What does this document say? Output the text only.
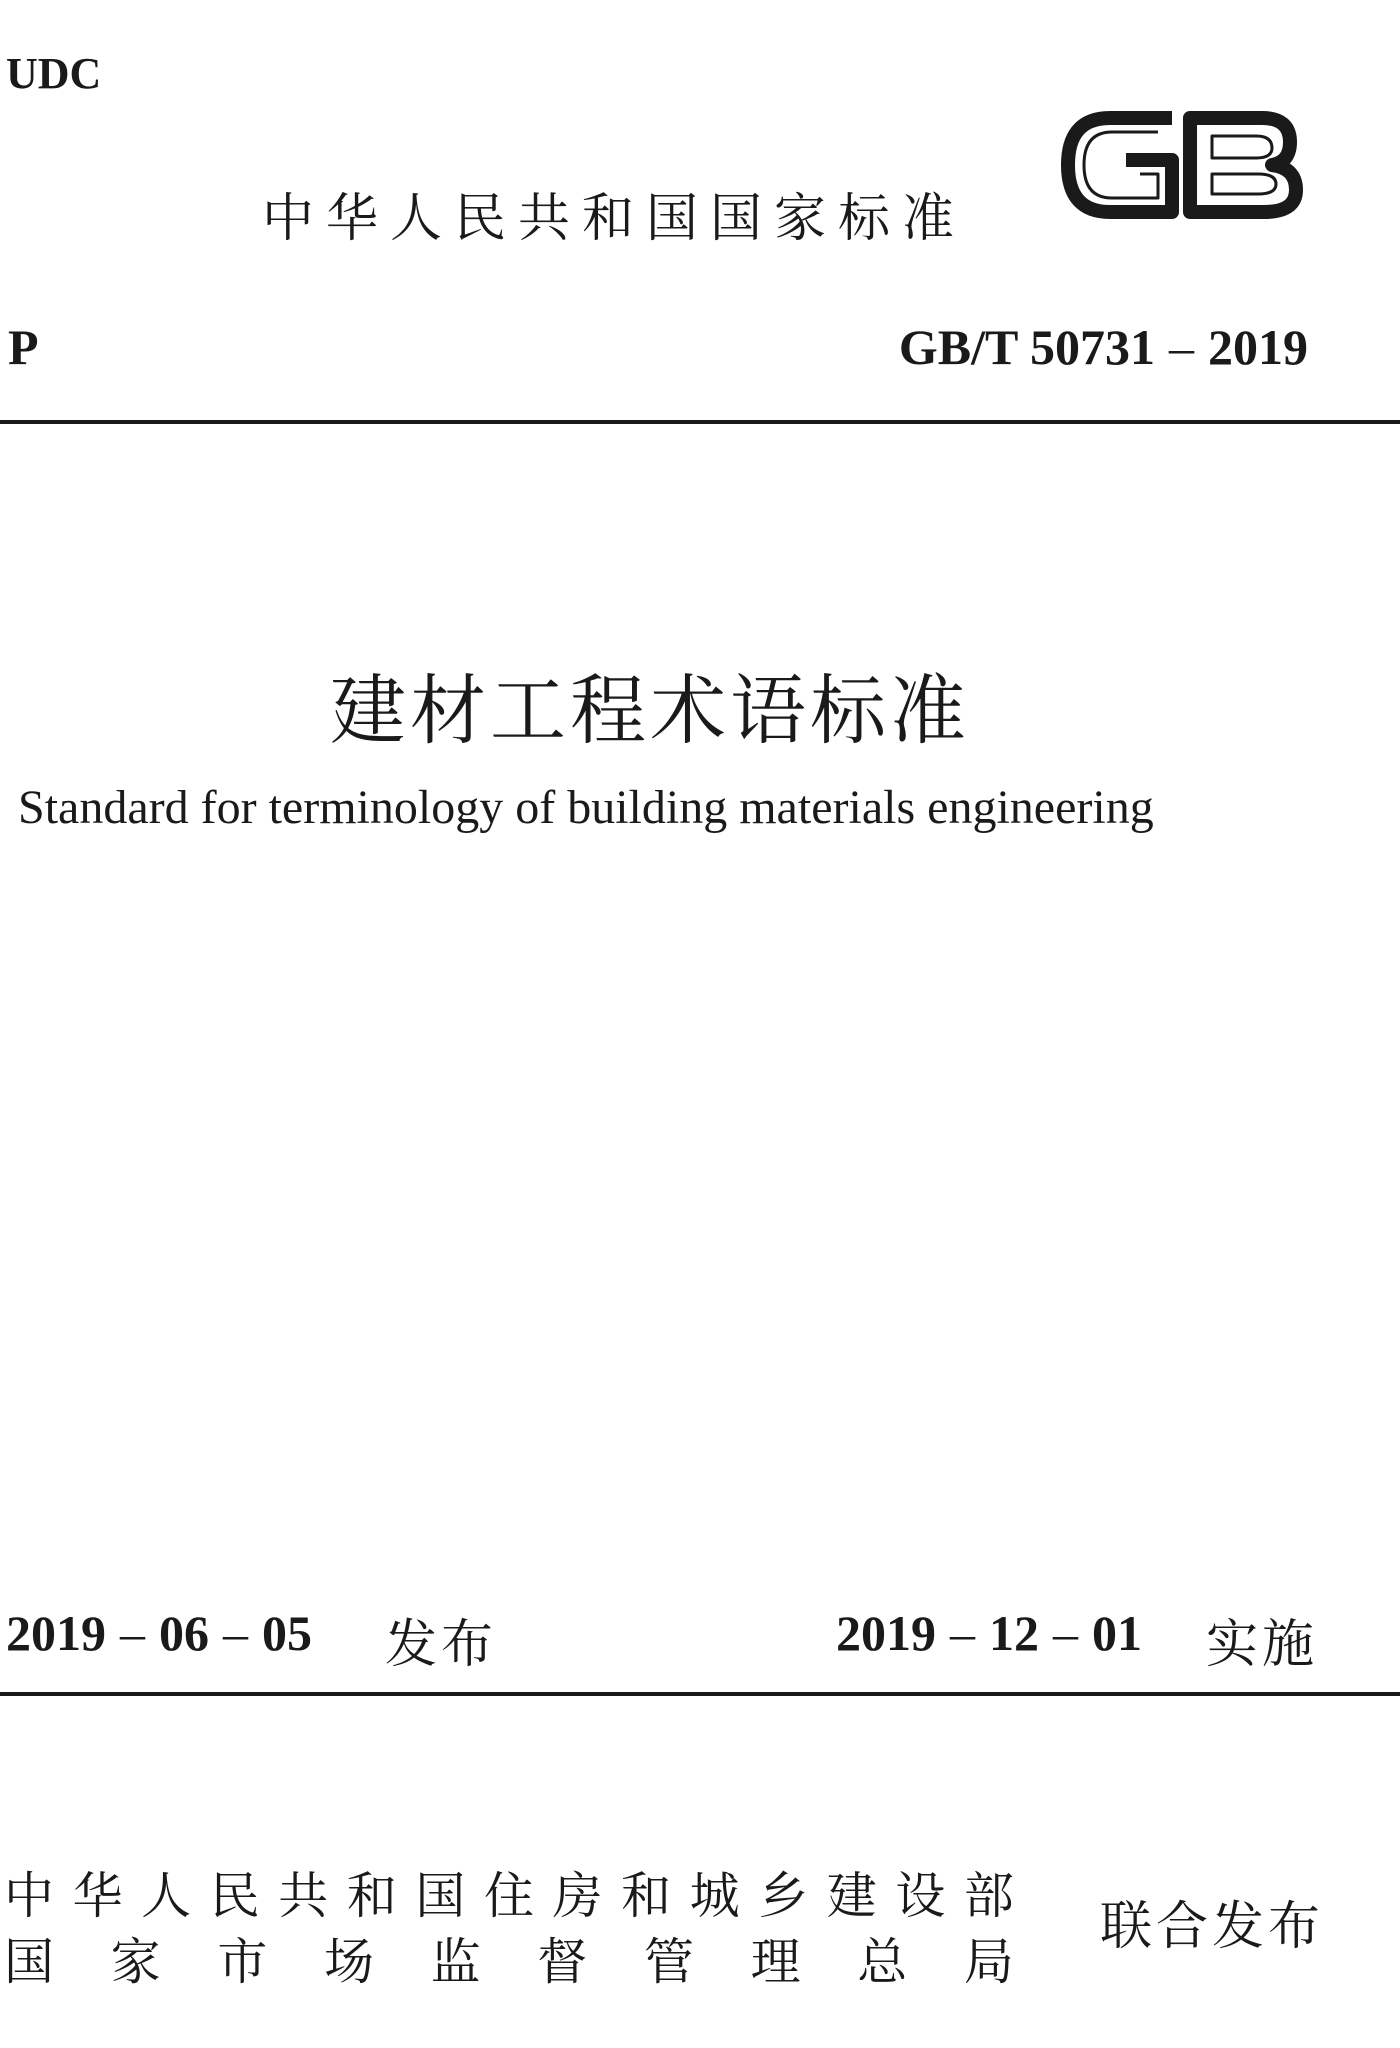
UDC
中华人民共和国国家标准
P	GB/T 50731 – 2019
建材工程术语标准
Standard for terminology of building materials engineering
2019 – 06 – 05 发布	2019 – 12 – 01 实施
中 华 人 民 共 和 国 住 房 和 城 乡 建 设 部
国 家 市 场 监 督 管 理 总 局
联合发布
